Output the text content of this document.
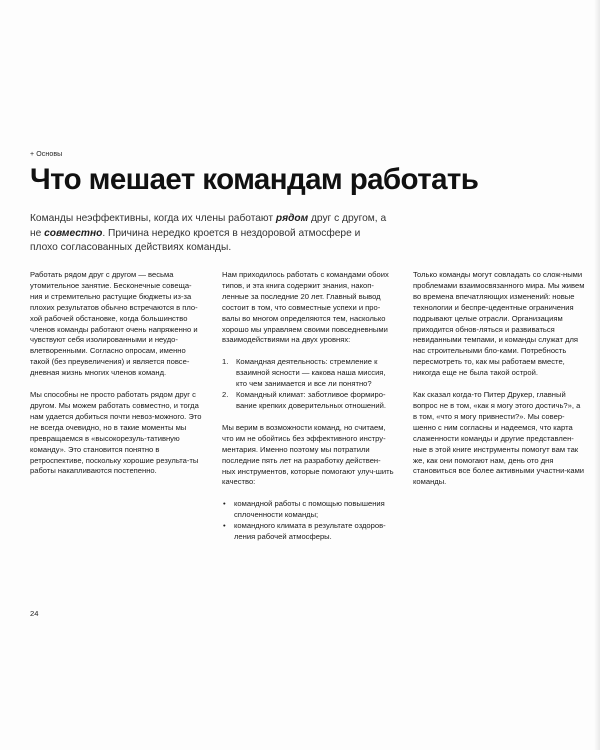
+ Основы
Что мешает командам работать
Команды неэффективны, когда их члены работают рядом друг с другом, а не совместно. Причина нередко кроется в нездоровой атмосфере и плохо согласованных действиях команды.

Работать рядом друг с другом — весьма утомительное занятие. Бесконечные совеща-ния и стремительно растущие бюджеты из-за плохих результатов обычно встречаются в пло-хой рабочей обстановке, когда большинство членов команды работают очень напряженно и чувствуют себя изолированными и неудо-влетворенными. Согласно опросам, именно такой (без преувеличения) и является повсе-дневная жизнь многих членов команд.

Мы способны не просто работать рядом друг с другом. Мы можем работать совместно, и тогда нам удается добиться почти невоз-можного. Это не всегда очевидно, но в такие моменты мы превращаемся в «высокорезуль-тативную команду». Это становится понятно в ретроспективе, поскольку хорошие результа-ты работы накапливаются постепенно.

Нам приходилось работать с командами обоих типов, и эта книга содержит знания, накоп-ленные за последние 20 лет. Главный вывод состоит в том, что совместные успехи и про-валы во многом определяются тем, насколько хорошо мы управляем своими повседневными взаимодействиями на двух уровнях:

1. Командная деятельность: стремление к взаимной ясности — какова наша миссия, кто чем занимается и все ли понятно?
2. Командный климат: заботливое формиро-вание крепких доверительных отношений.

Мы верим в возможности команд, но считаем, что им не обойтись без эффективного инстру-ментария. Именно поэтому мы потратили последние пять лет на разработку действен-ных инструментов, которые помогают улуч-шить качество:

• командной работы с помощью повышения сплоченности команды;
• командного климата в результате оздоров-ления рабочей атмосферы.

Только команды могут совладать со слож-ными проблемами взаимосвязанного мира. Мы живем во времена впечатляющих изменений: новые технологии и беспре-цедентные ограничения подрывают целые отрасли. Организациям приходится обнов-ляться и развиваться невиданными темпами, и команды служат для нас строительными бло-ками. Потребность пересмотреть то, как мы работаем вместе, никогда еще не была такой острой.

Как сказал когда-то Питер Друкер, главный вопрос не в том, «как я могу этого достичь?», а в том, «что я могу привнести?». Мы совер-шенно с ним согласны и надеемся, что карта слаженности команды и другие представлен-ные в этой книге инструменты помогут вам так же, как они помогают нам, день ото дня становиться все более активными участни-ками команды.

24
